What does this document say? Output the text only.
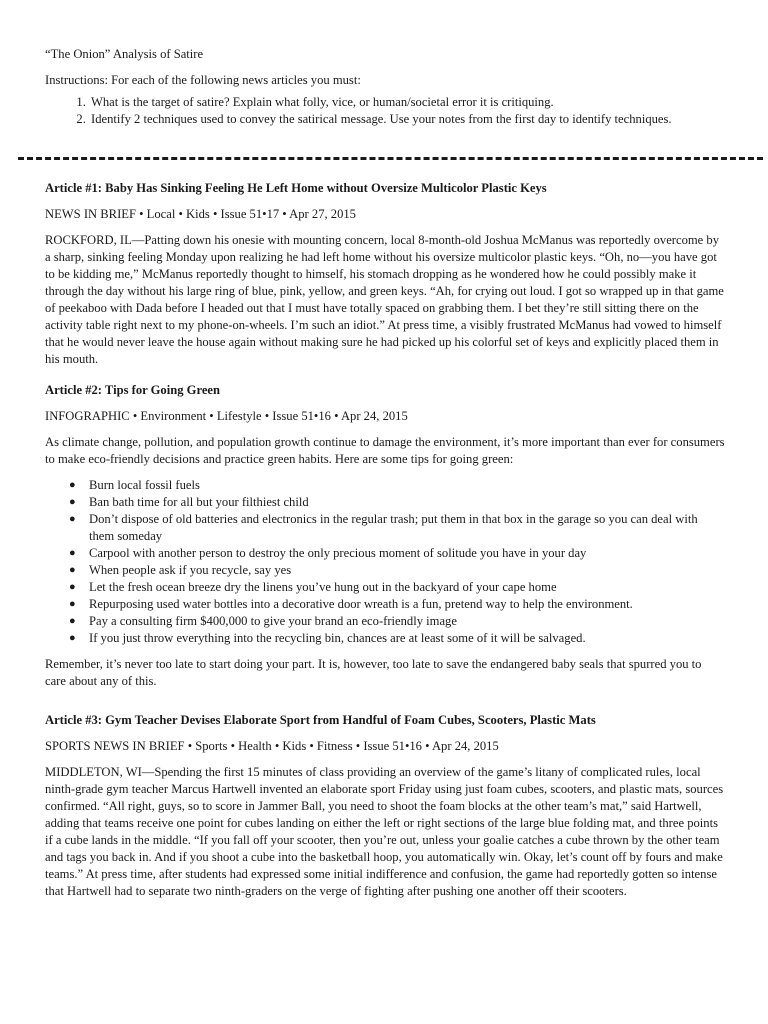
“The Onion” Analysis of Satire

Instructions: For each of the following news articles you must:

1. What is the target of satire? Explain what folly, vice, or human/societal error it is critiquing.
2. Identify 2 techniques used to convey the satirical message. Use your notes from the first day to identify techniques.

Article #1: Baby Has Sinking Feeling He Left Home without Oversize Multicolor Plastic Keys

NEWS IN BRIEF • Local • Kids • Issue 51•17 • Apr 27, 2015

ROCKFORD, IL—Patting down his onesie with mounting concern, local 8-month-old Joshua McManus was reportedly overcome by a sharp, sinking feeling Monday upon realizing he had left home without his oversize multicolor plastic keys. “Oh, no—you have got to be kidding me,” McManus reportedly thought to himself, his stomach dropping as he wondered how he could possibly make it through the day without his large ring of blue, pink, yellow, and green keys. “Ah, for crying out loud. I got so wrapped up in that game of peekaboo with Dada before I headed out that I must have totally spaced on grabbing them. I bet they’re still sitting there on the activity table right next to my phone-on-wheels. I’m such an idiot.” At press time, a visibly frustrated McManus had vowed to himself that he would never leave the house again without making sure he had picked up his colorful set of keys and explicitly placed them in his mouth.

Article #2: Tips for Going Green

INFOGRAPHIC • Environment • Lifestyle • Issue 51•16 • Apr 24, 2015

As climate change, pollution, and population growth continue to damage the environment, it’s more important than ever for consumers to make eco-friendly decisions and practice green habits. Here are some tips for going green:

● Burn local fossil fuels
● Ban bath time for all but your filthiest child
● Don’t dispose of old batteries and electronics in the regular trash; put them in that box in the garage so you can deal with them someday
● Carpool with another person to destroy the only precious moment of solitude you have in your day
● When people ask if you recycle, say yes
● Let the fresh ocean breeze dry the linens you’ve hung out in the backyard of your cape home
● Repurposing used water bottles into a decorative door wreath is a fun, pretend way to help the environment.
● Pay a consulting firm $400,000 to give your brand an eco-friendly image
● If you just throw everything into the recycling bin, chances are at least some of it will be salvaged.

Remember, it’s never too late to start doing your part. It is, however, too late to save the endangered baby seals that spurred you to care about any of this.

Article #3: Gym Teacher Devises Elaborate Sport from Handful of Foam Cubes, Scooters, Plastic Mats

SPORTS NEWS IN BRIEF • Sports • Health • Kids • Fitness • Issue 51•16 • Apr 24, 2015

MIDDLETON, WI—Spending the first 15 minutes of class providing an overview of the game’s litany of complicated rules, local ninth-grade gym teacher Marcus Hartwell invented an elaborate sport Friday using just foam cubes, scooters, and plastic mats, sources confirmed. “All right, guys, so to score in Jammer Ball, you need to shoot the foam blocks at the other team’s mat,” said Hartwell, adding that teams receive one point for cubes landing on either the left or right sections of the large blue folding mat, and three points if a cube lands in the middle. “If you fall off your scooter, then you’re out, unless your goalie catches a cube thrown by the other team and tags you back in. And if you shoot a cube into the basketball hoop, you automatically win. Okay, let’s count off by fours and make teams.” At press time, after students had expressed some initial indifference and confusion, the game had reportedly gotten so intense that Hartwell had to separate two ninth-graders on the verge of fighting after pushing one another off their scooters.
